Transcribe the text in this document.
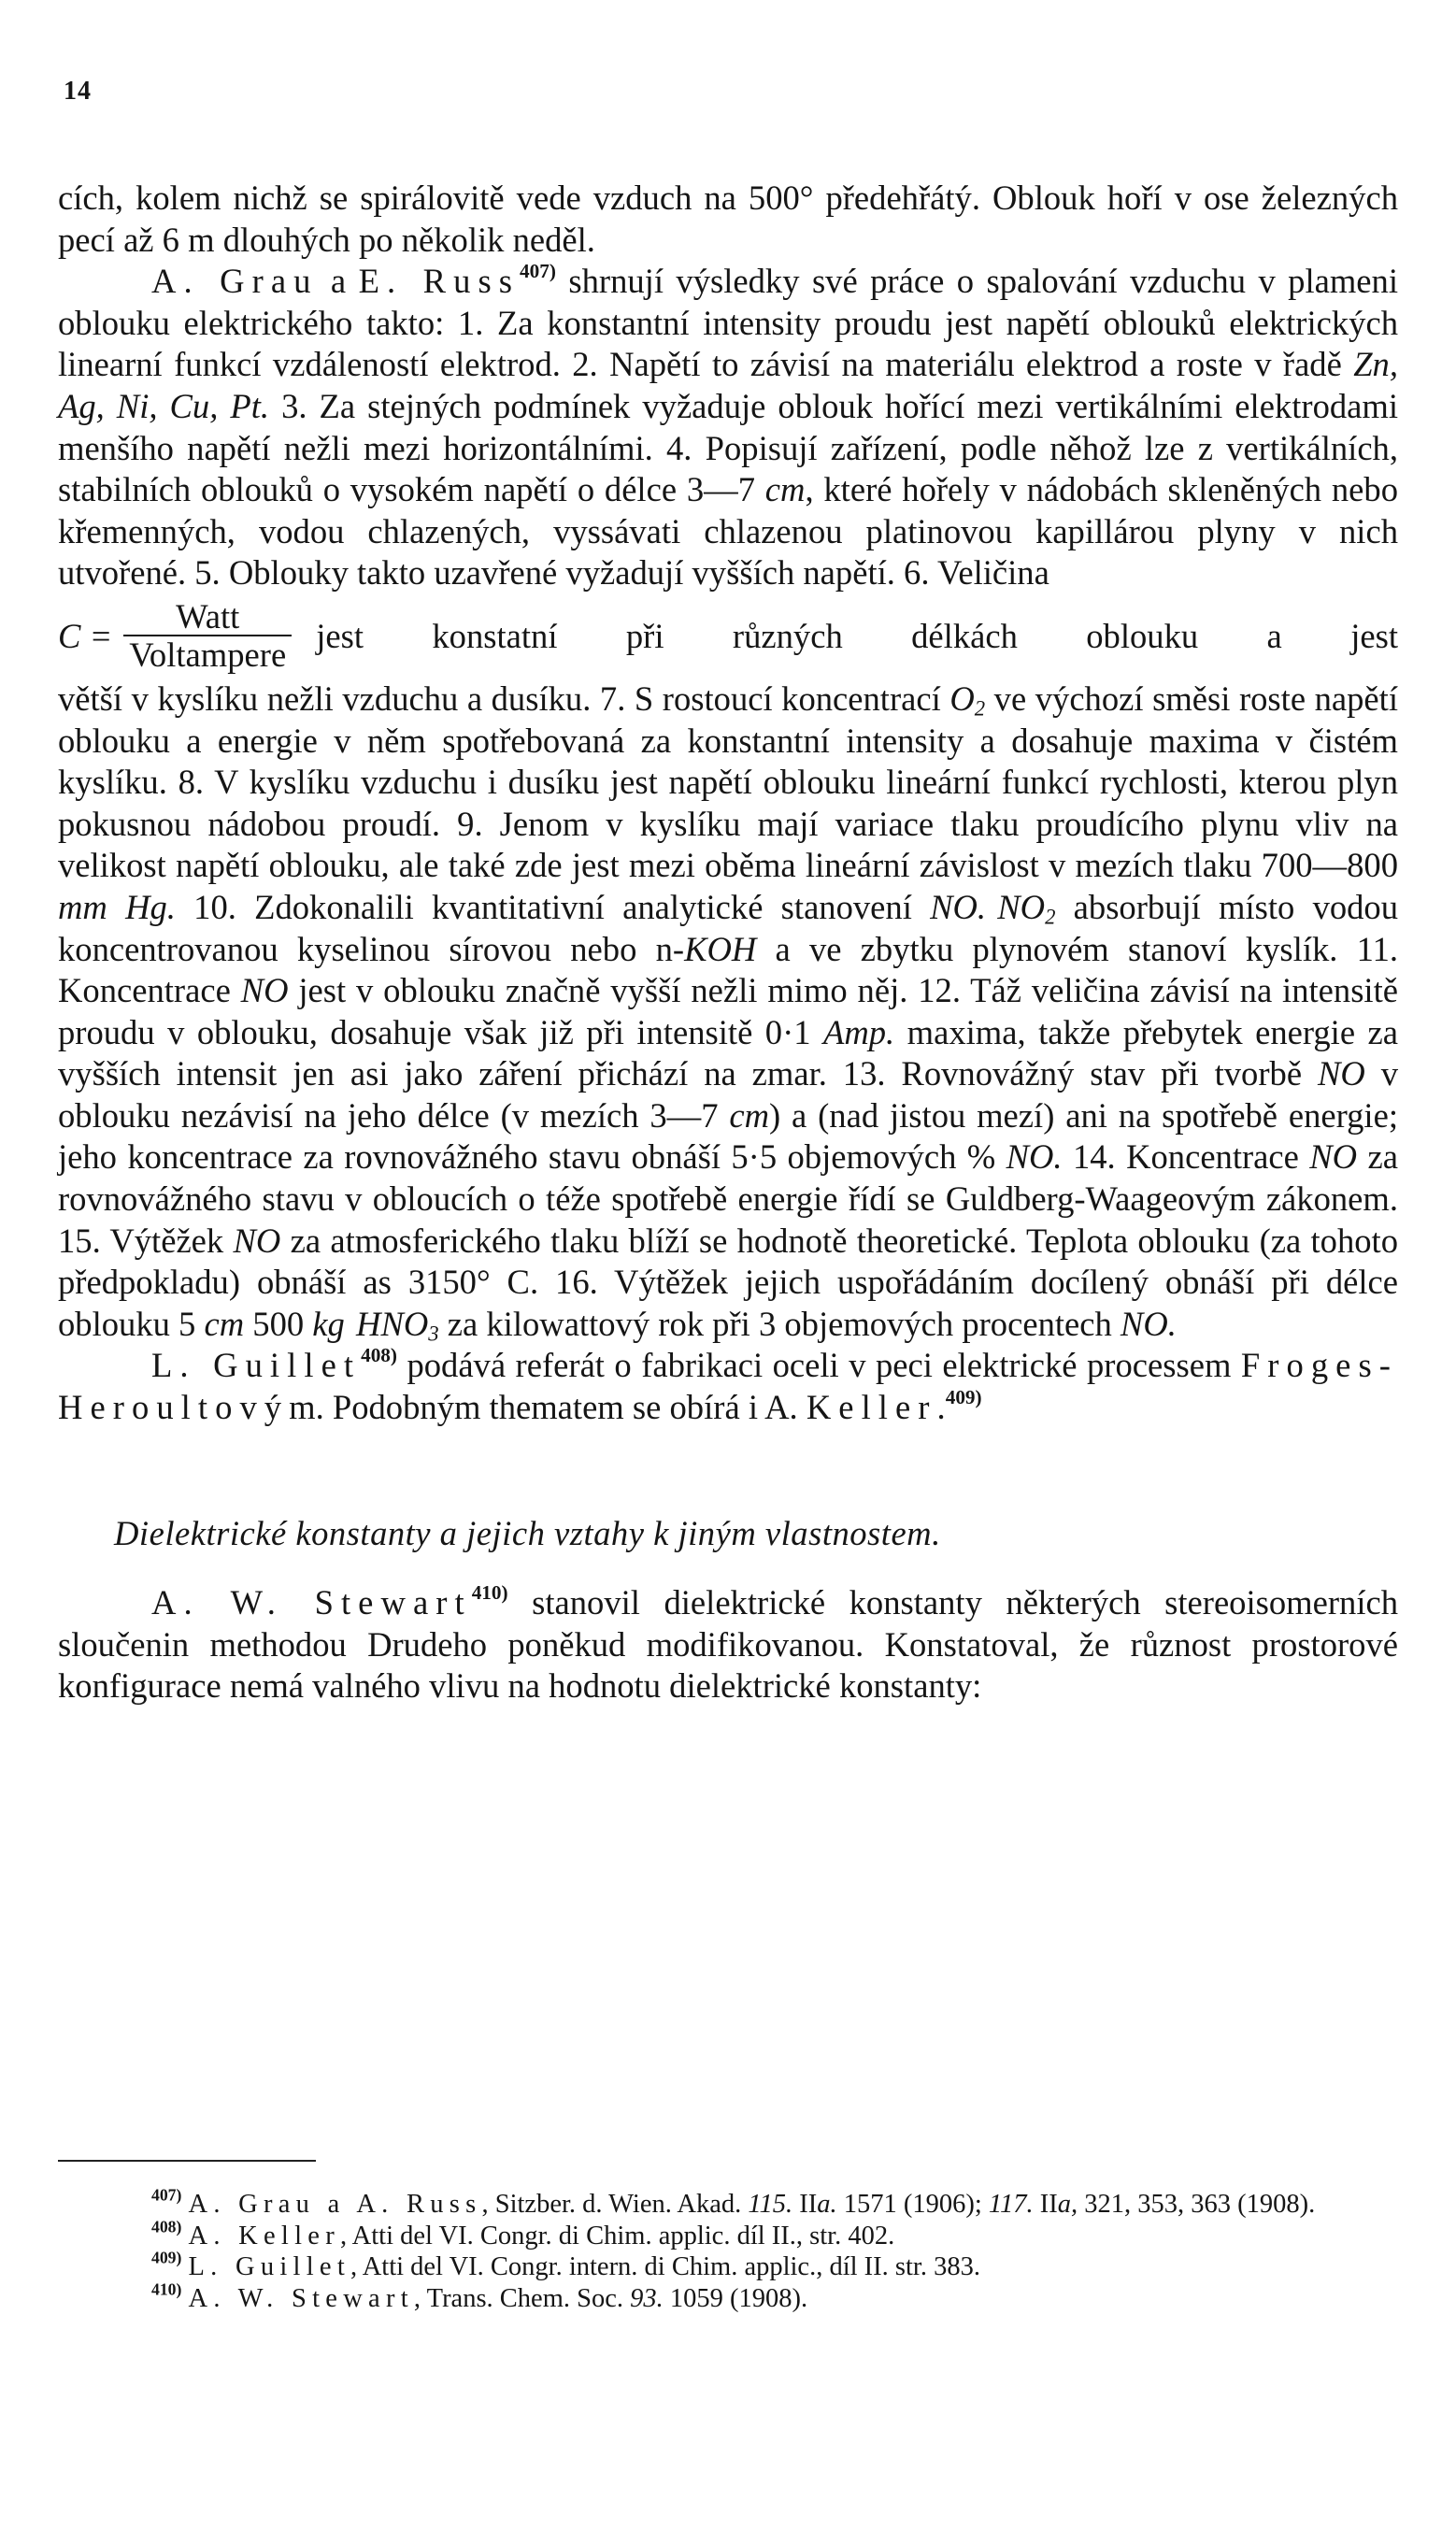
14

cích, kolem nichž se spirálovitě vede vzduch na 500° předehřátý. Oblouk hoří v ose železných pecí až 6 m dlouhých po několik neděl.

A. Grau a E. Russ$^{407)}$ shrnují výsledky své práce o spalování vzduchu v plameni oblouku elektrického takto: 1. Za konstantní intensity proudu jest napětí oblouků elektrických linearní funkcí vzdáleností elektrod. 2. Napětí to závisí na materiálu elektrod a roste v řadě Zn, Ag, Ni, Cu, Pt. 3. Za stejných podmínek vyžaduje oblouk hořící mezi vertikálními elektrodami menšího napětí nežli mezi horizontálními. 4. Popisují zařízení, podle něhož lze z vertikálních, stabilních oblouků o vysokém napětí o délce 3—7 cm, které hořely v nádobách skleněných nebo křemenných, vodou chlazených, vyssávati chlazenou platinovou kapillárou plyny v nich utvořené. 5. Oblouky takto uzavřené vyžadují vyšších napětí. 6. Veličina

$C = \frac{\text{Watt}}{\text{Voltampere}}$ jest konstatní při různých délkách oblouku a jest

větší v kyslíku nežli vzduchu a dusíku. 7. S rostoucí koncentrací $O_2$ ve výchozí směsi roste napětí oblouku a energie v něm spotřebovaná za konstantní intensity a dosahuje maxima v čistém kyslíku. 8. V kyslíku vzduchu i dusíku jest napětí oblouku lineární funkcí rychlosti, kterou plyn pokusnou nádobou proudí. 9. Jenom v kyslíku mají variace tlaku proudícího plynu vliv na velikost napětí oblouku, ale také zde jest mezi oběma lineární závislost v mezích tlaku 700—800 mm Hg. 10. Zdokonalili kvantitativní analytické stanovení NO.  $NO_2$ absorbují místo vodou koncentrovanou kyselinou sírovou nebo n-KOH a ve zbytku plynovém stanoví kyslík. 11. Koncentrace NO jest v oblouku značně vyšší nežli mimo něj. 12. Táž veličina závisí na intensitě proudu v oblouku, dosahuje však již při intensitě 0·1 Amp. maxima, takže přebytek energie za vyšších intensit jen asi jako záření přichází na zmar. 13. Rovnovážný stav při tvorbě NO v oblouku nezávisí na jeho délce (v mezích 3—7 cm) a (nad jistou mezí) ani na spotřebě energie; jeho koncentrace za rovnovážného stavu obnáší 5·5 objemových % NO. 14. Koncentrace NO za rovnovážného stavu v obloucích o téže spotřebě energie řídí se Guldberg-Waageovým zákonem. 15. Výtěžek NO za atmosferického tlaku blíží se hodnotě theoretické. Teplota oblouku (za tohoto předpokladu) obnáší as 3150° C. 16. Výtěžek jejich uspořádáním docílený obnáší při délce oblouku 5 cm 500 kg  $HNO_3$ za kilowattový rok při 3 objemových procentech NO.

L. Guillet$^{408)}$ podává referát o fabrikaci oceli v peci elektrické processem Froges-Heroultovým. Podobným thematem se obírá i A. Keller.$^{409)}$

Dielektrické konstanty a jejich vztahy k jiným vlastnostem.

A. W. Stewart$^{410)}$ stanovil dielektrické konstanty některých stereoisomerních sloučenin methodou Drudeho poněkud modifikovanou. Konstatoval, že různost prostorové konfigurace nemá valného vlivu na hodnotu dielektrické konstanty:

$^{407)}$ A. Grau a A. Russ, Sitzber. d. Wien. Akad. 115. IIa. 1571 (1906); 117. IIa, 321, 353, 363 (1908).

$^{408)}$ A. Keller, Atti del VI. Congr. di Chim. applic. díl II., str. 402.

$^{409)}$ L. Guillet, Atti del VI. Congr. intern. di Chim. applic., díl II. str. 383.

$^{410)}$ A. W. Stewart, Trans. Chem. Soc. 93. 1059 (1908).
